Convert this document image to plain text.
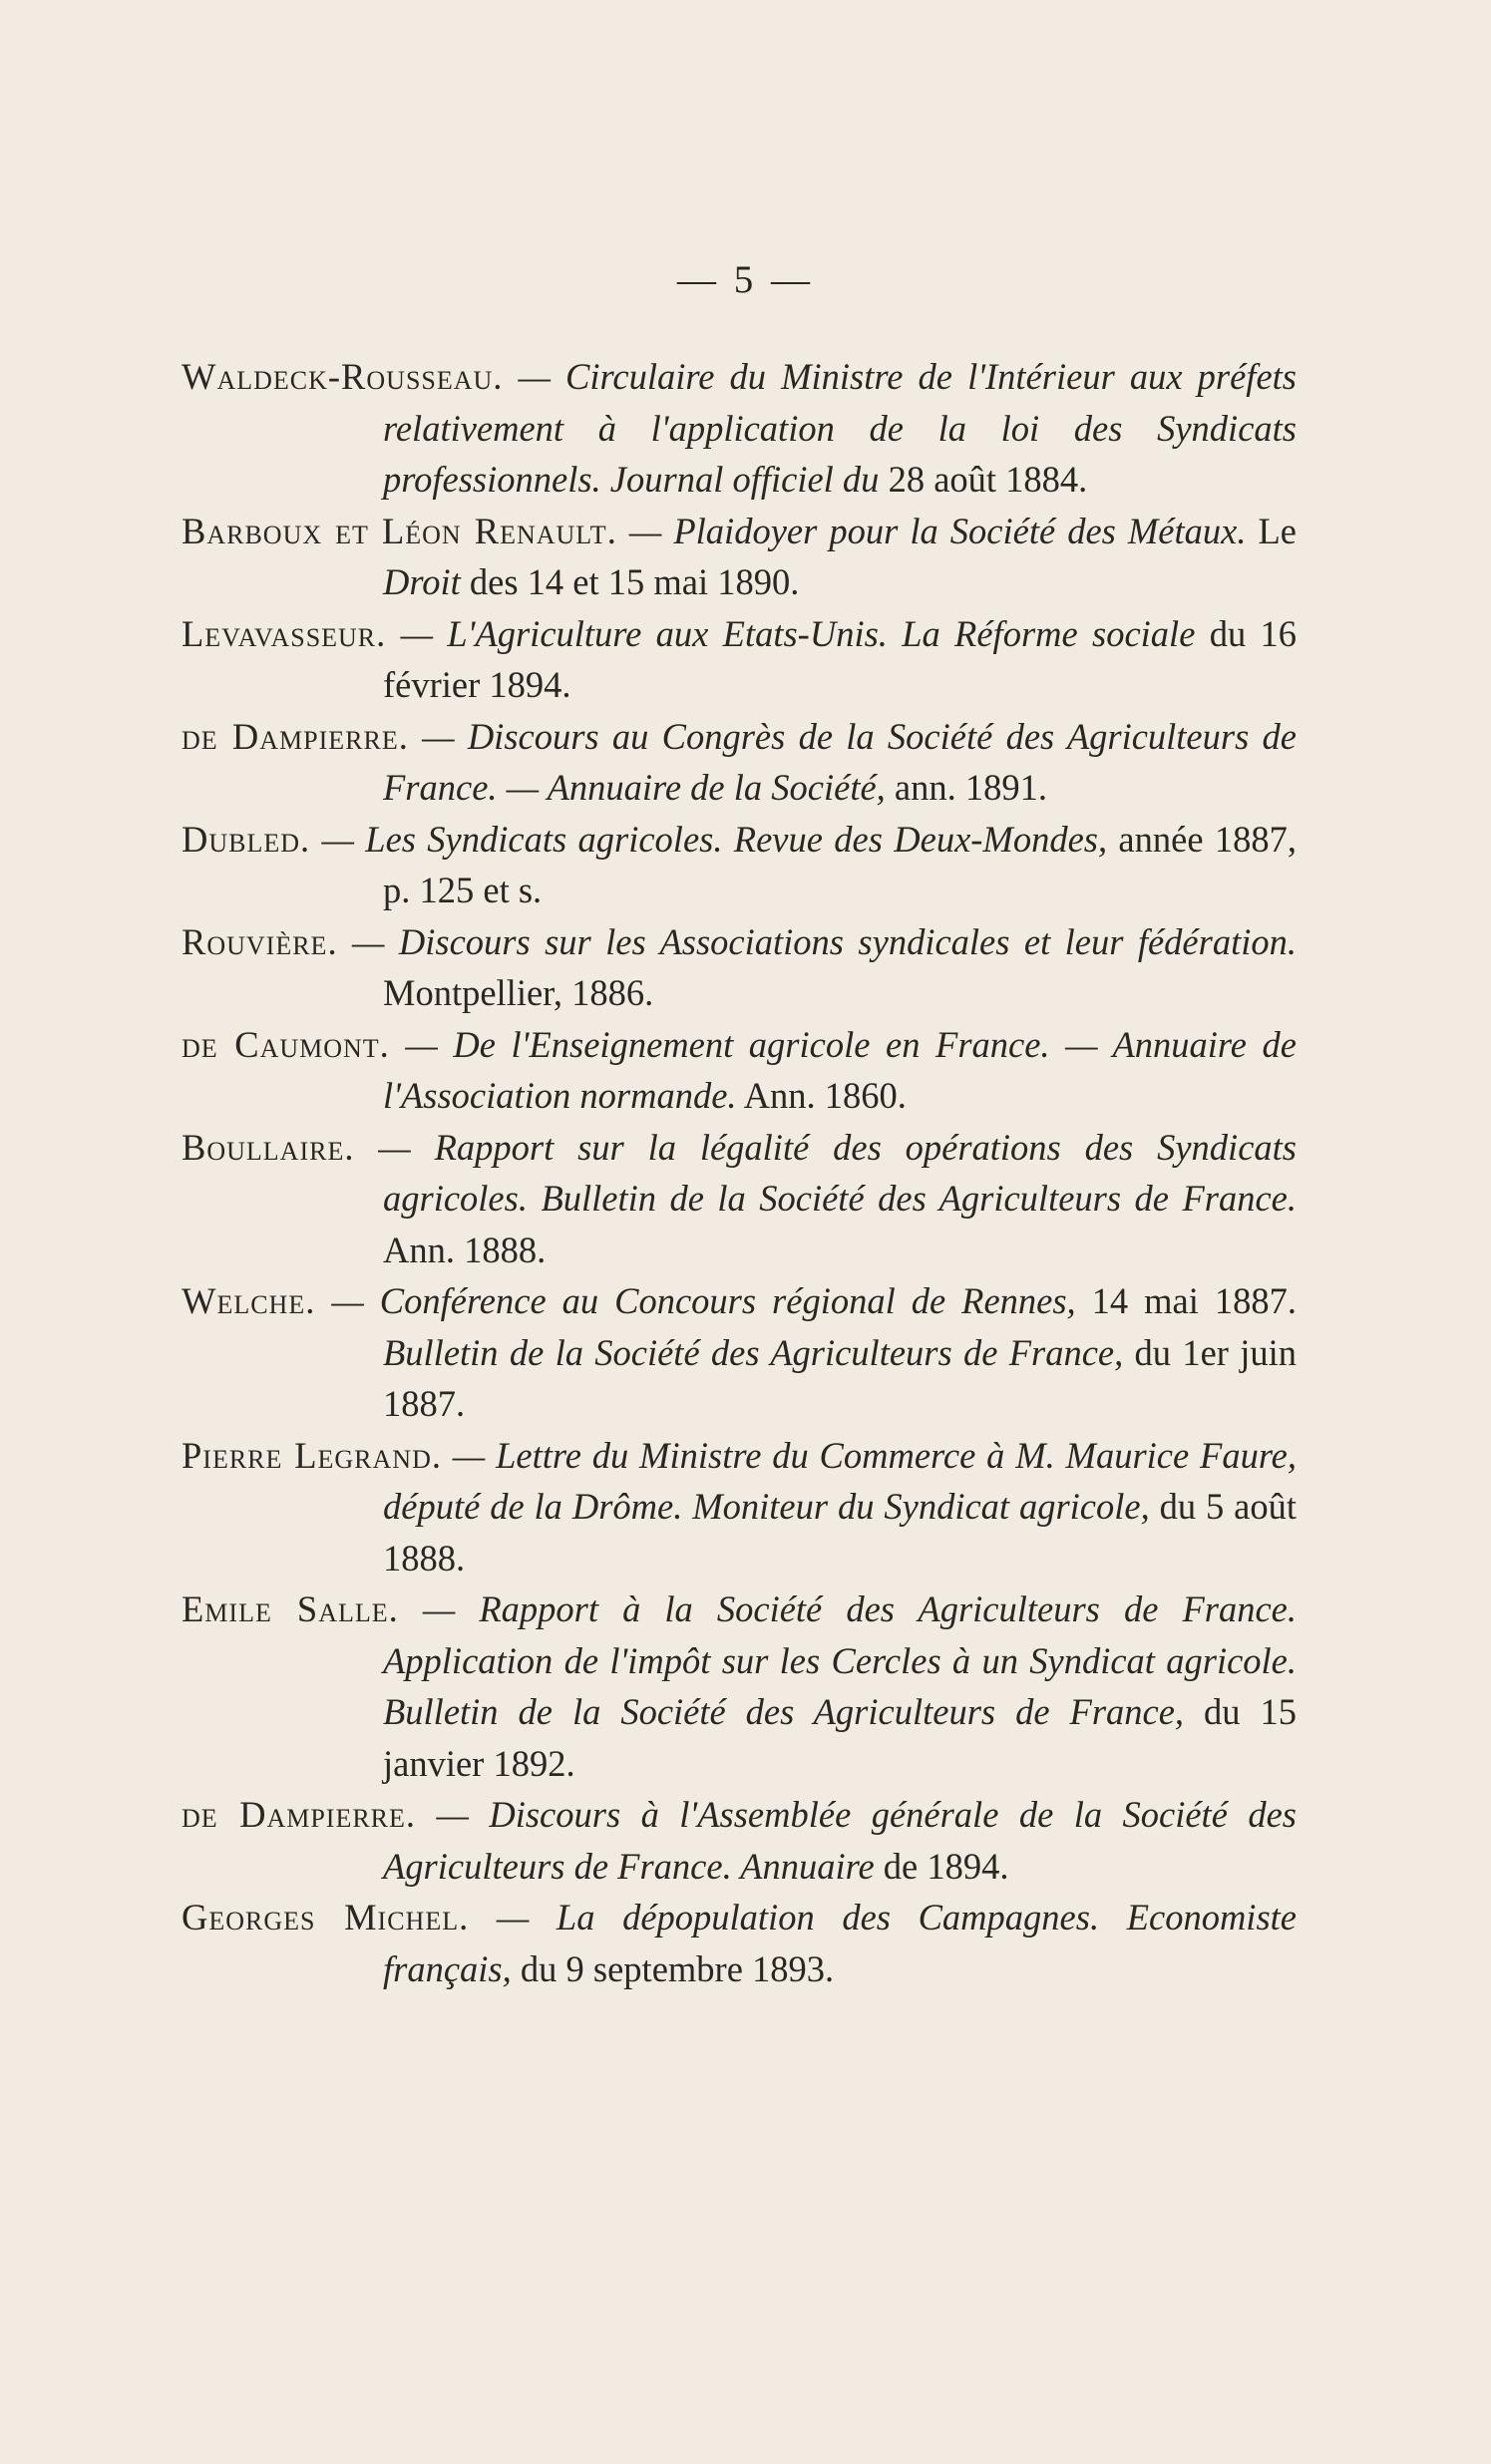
— 5 —
Waldeck-Rousseau. — Circulaire du Ministre de l'Intérieur aux préfets relativement à l'application de la loi des Syndicats professionnels. Journal officiel du 28 août 1884.
Barboux et Léon Renault. — Plaidoyer pour la Société des Métaux. Le Droit des 14 et 15 mai 1890.
Levavasseur. — L'Agriculture aux Etats-Unis. La Réforme sociale du 16 février 1894.
de Dampierre. — Discours au Congrès de la Société des Agriculteurs de France. — Annuaire de la Société, ann. 1891.
Dubled. — Les Syndicats agricoles. Revue des Deux-Mondes, année 1887, p. 125 et s.
Rouvière. — Discours sur les Associations syndicales et leur fédération. Montpellier, 1886.
de Caumont. — De l'Enseignement agricole en France. — Annuaire de l'Association normande. Ann. 1860.
Boullaire. — Rapport sur la légalité des opérations des Syndicats agricoles. Bulletin de la Société des Agriculteurs de France. Ann. 1888.
Welche. — Conférence au Concours régional de Rennes, 14 mai 1887. Bulletin de la Société des Agriculteurs de France, du 1er juin 1887.
Pierre Legrand. — Lettre du Ministre du Commerce à M. Maurice Faure, député de la Drôme. Moniteur du Syndicat agricole, du 5 août 1888.
Emile Salle. — Rapport à la Société des Agriculteurs de France. Application de l'impôt sur les Cercles à un Syndicat agricole. Bulletin de la Société des Agriculteurs de France, du 15 janvier 1892.
de Dampierre. — Discours à l'Assemblée générale de la Société des Agriculteurs de France. Annuaire de 1894.
Georges Michel. — La dépopulation des Campagnes. Economiste français, du 9 septembre 1893.
